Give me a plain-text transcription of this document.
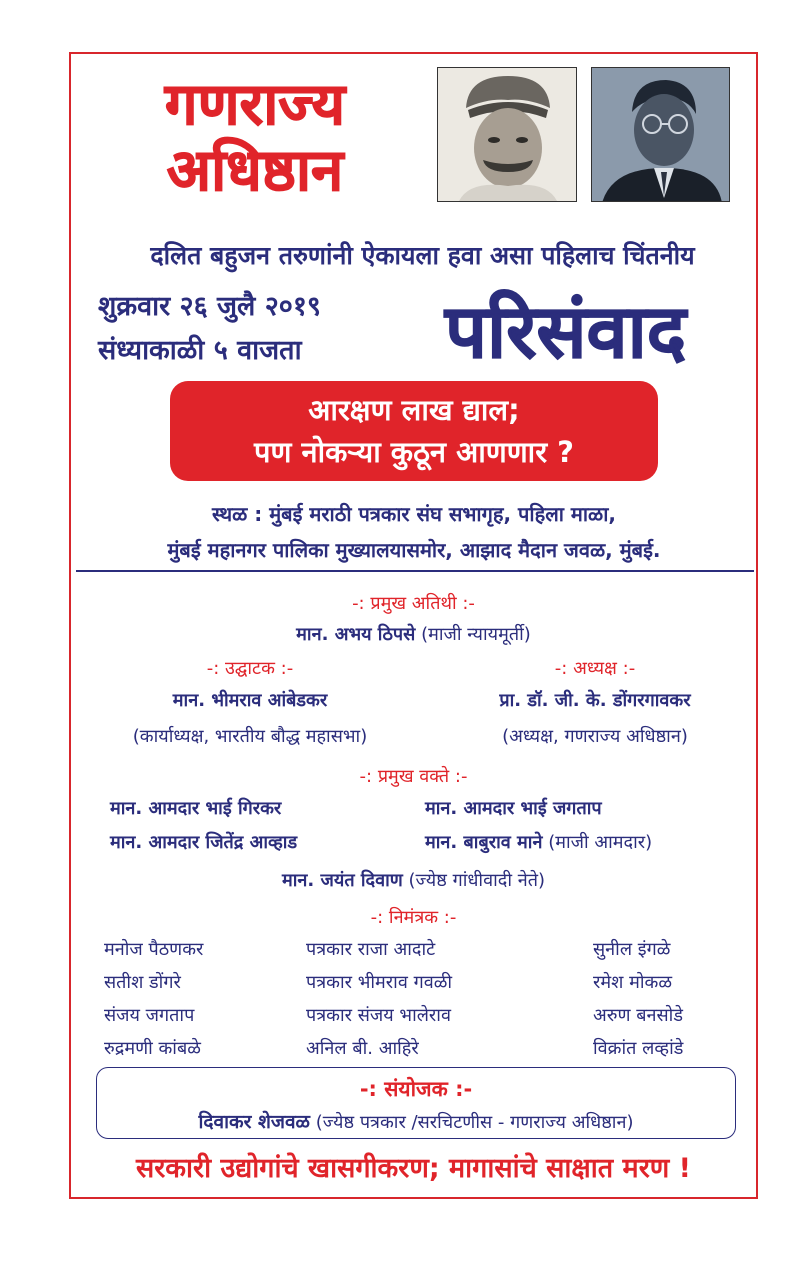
गणराज्य
अधिष्ठान
दलित बहुजन तरुणांनी ऐकायला हवा असा पहिलाच चिंतनीय
शुक्रवार २६ जुलै २०१९
संध्याकाळी ५ वाजता परिसंवाद
आरक्षण लाख द्याल;
पण नोकऱ्या कुठून आणणार ?
स्थळ : मुंबई मराठी पत्रकार संघ सभागृह, पहिला माळा,
मुंबई महानगर पालिका मुख्यालयासमोर, आझाद मैदान जवळ, मुंबई.
-: प्रमुख अतिथी :-
मान. अभय ठिपसे (माजी न्यायमूर्ती)
-: उद्घाटक :-
मान. भीमराव आंबेडकर
(कार्याध्यक्ष, भारतीय बौद्ध महासभा)
-: अध्यक्ष :-
प्रा. डॉ. जी. के. डोंगरगावकर
(अध्यक्ष, गणराज्य अधिष्ठान)
-: प्रमुख वक्ते :-
मान. आमदार भाई गिरकर	मान. आमदार भाई जगताप
मान. आमदार जितेंद्र आव्हाड	मान. बाबुराव माने (माजी आमदार)
मान. जयंत दिवाण (ज्येष्ठ गांधीवादी नेते)
-: निमंत्रक :-
मनोज पैठणकर
सतीश डोंगरे
संजय जगताप
रुद्रमणी कांबळे
पत्रकार राजा आदाटे
पत्रकार भीमराव गवळी
पत्रकार संजय भालेराव
अनिल बी. आहिरे
सुनील इंगळे
रमेश मोकळ
अरुण बनसोडे
विक्रांत लव्हांडे
-: संयोजक :-
दिवाकर शेजवळ (ज्येष्ठ पत्रकार /सरचिटणीस - गणराज्य अधिष्ठान)
सरकारी उद्योगांचे खासगीकरण; मागासांचे साक्षात मरण !
